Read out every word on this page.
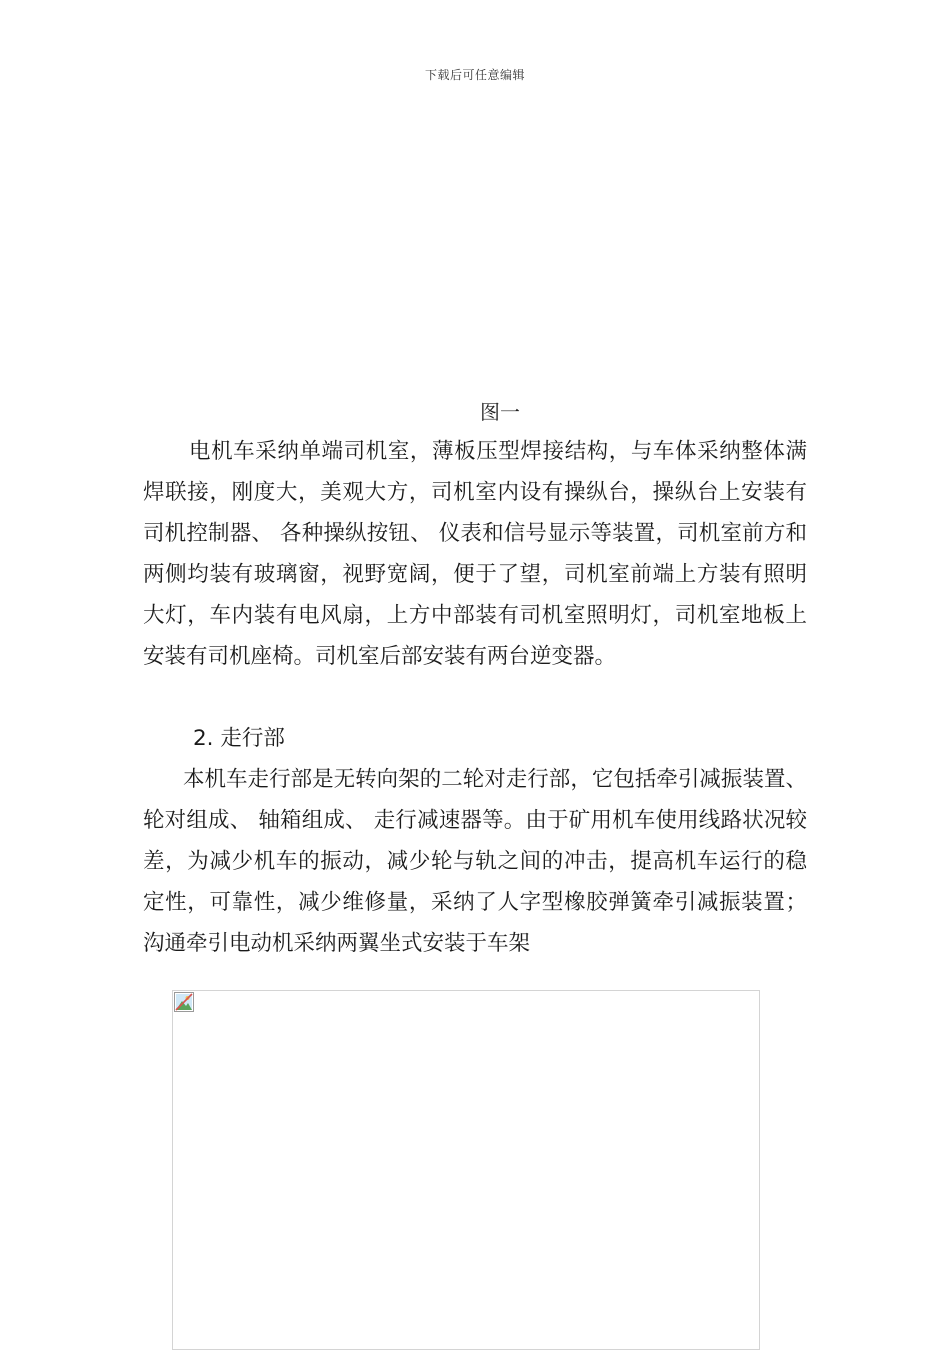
下载后可任意编辑
图一

电机车采纳单端司机室，薄板压型焊接结构，与车体采纳整体满焊联接，刚度大，美观大方，司机室内设有操纵台，操纵台上安装有司机控制器、 各种操纵按钮、 仪表和信号显示等装置，司机室前方和两侧均装有玻璃窗，视野宽阔，便于了望，司机室前端上方装有照明大灯，车内装有电风扇，上方中部装有司机室照明灯，司机室地板上安装有司机座椅。司机室后部安装有两台逆变器。

2. 走行部

本机车走行部是无转向架的二轮对走行部，它包括牵引减振装置、 轮对组成、 轴箱组成、 走行减速器等。由于矿用机车使用线路状况较差，为减少机车的振动，减少轮与轨之间的冲击，提高机车运行的稳定性，可靠性，减少维修量，采纳了人字型橡胶弹簧牵引减振装置；沟通牵引电动机采纳两翼坐式安装于车架
